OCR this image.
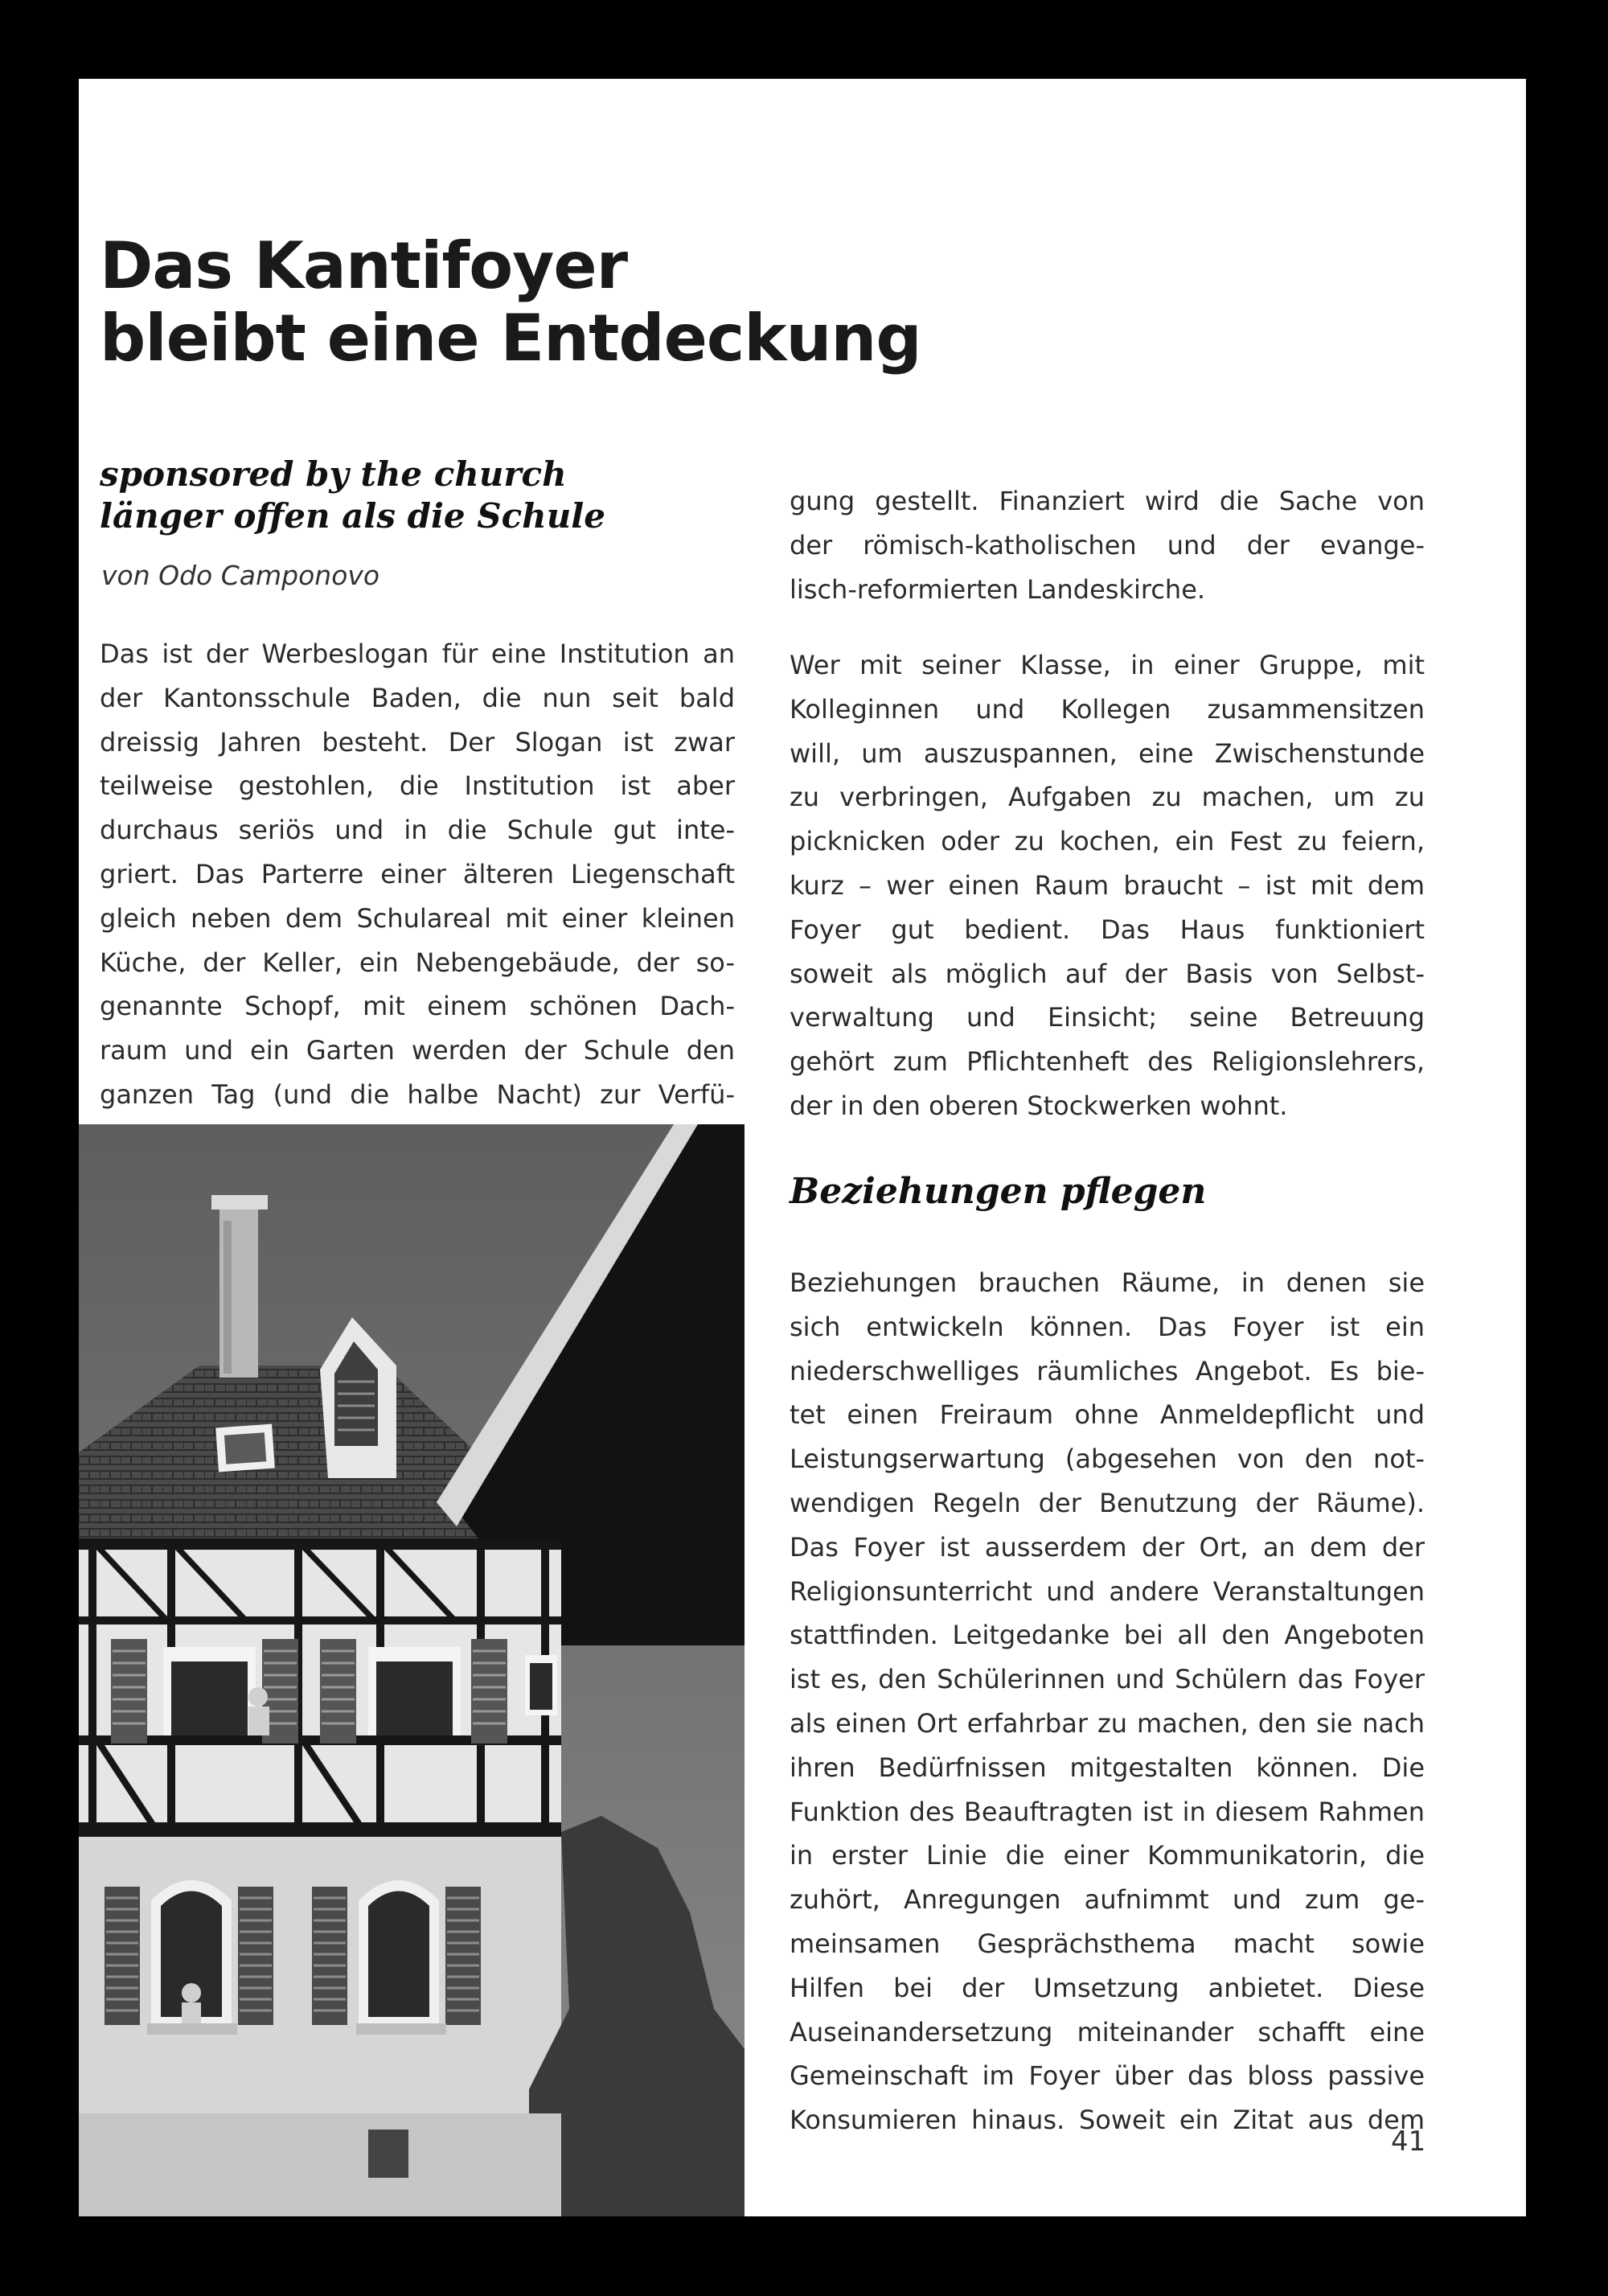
Das Kantifoyer
bleibt eine Entdeckung
sponsored by the church
länger offen als die Schule
von Odo Camponovo
Das ist der Werbeslogan für eine Institution an
der Kantonsschule Baden, die nun seit bald
dreissig Jahren besteht. Der Slogan ist zwar
teilweise gestohlen, die Institution ist aber
durchaus seriös und in die Schule gut inte-
griert. Das Parterre einer älteren Liegenschaft
gleich neben dem Schulareal mit einer kleinen
Küche, der Keller, ein Nebengebäude, der so-
genannte Schopf, mit einem schönen Dach-
raum und ein Garten werden der Schule den
ganzen Tag (und die halbe Nacht) zur Verfü-
gung gestellt. Finanziert wird die Sache von
der römisch-katholischen und der evange-
lisch-reformierten Landeskirche.
Wer mit seiner Klasse, in einer Gruppe, mit
Kolleginnen und Kollegen zusammensitzen
will, um auszuspannen, eine Zwischenstunde
zu verbringen, Aufgaben zu machen, um zu
picknicken oder zu kochen, ein Fest zu feiern,
kurz – wer einen Raum braucht – ist mit dem
Foyer gut bedient. Das Haus funktioniert
soweit als möglich auf der Basis von Selbst-
verwaltung und Einsicht; seine Betreuung
gehört zum Pflichtenheft des Religionslehrers,
der in den oberen Stockwerken wohnt.
Beziehungen pflegen
Beziehungen brauchen Räume, in denen sie
sich entwickeln können. Das Foyer ist ein
niederschwelliges räumliches Angebot. Es bie-
tet einen Freiraum ohne Anmeldepflicht und
Leistungserwartung (abgesehen von den not-
wendigen Regeln der Benutzung der Räume).
Das Foyer ist ausserdem der Ort, an dem der
Religionsunterricht und andere Veranstaltungen
stattfinden. Leitgedanke bei all den Angeboten
ist es, den Schülerinnen und Schülern das Foyer
als einen Ort erfahrbar zu machen, den sie nach
ihren Bedürfnissen mitgestalten können. Die
Funktion des Beauftragten ist in diesem Rahmen
in erster Linie die einer Kommunikatorin, die
zuhört, Anregungen aufnimmt und zum ge-
meinsamen Gesprächsthema macht sowie
Hilfen bei der Umsetzung anbietet. Diese
Auseinandersetzung miteinander schafft eine
Gemeinschaft im Foyer über das bloss passive
Konsumieren hinaus. Soweit ein Zitat aus dem
41
